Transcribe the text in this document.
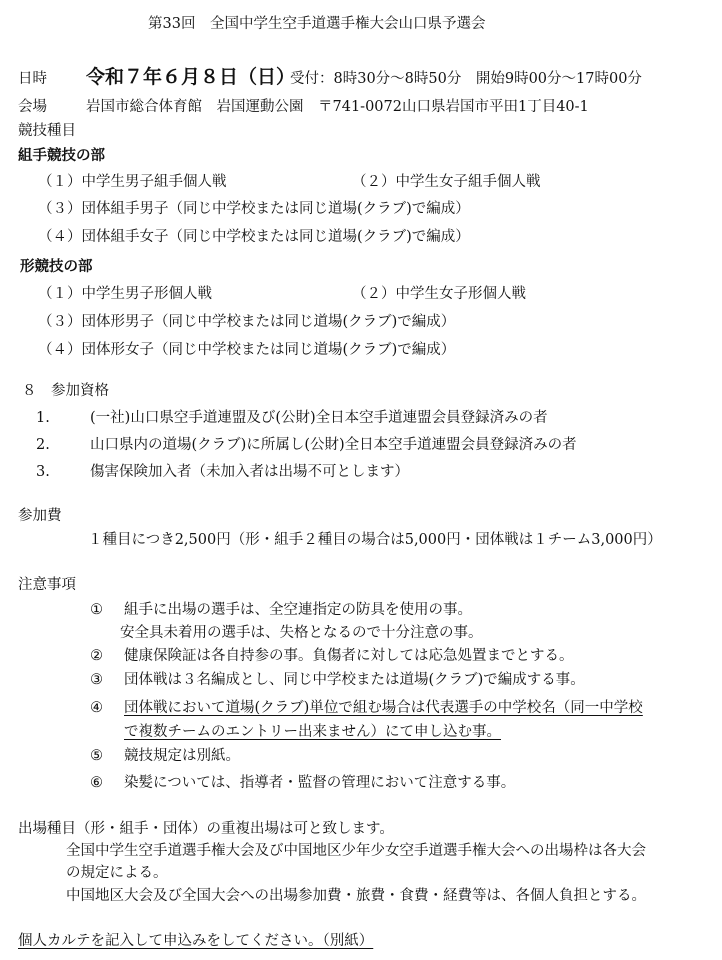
第33回　全国中学生空手道選手権大会山口県予選会
日時 令和７年６月８日（日）
受付：8時30分～8時50分　開始9時00分～17時00分
会場	岩国市総合体育館　岩国運動公園　〒741-0072山口県岩国市平田1丁目40-1
競技種目
組手競技の部
（１）中学生男子組手個人戦	（２）中学生女子組手個人戦
（３）団体組手男子（同じ中学校または同じ道場(クラブ)で編成）
（４）団体組手女子（同じ中学校または同じ道場(クラブ)で編成）
形競技の部
（１）中学生男子形個人戦	（２）中学生女子形個人戦
（３）団体形男子（同じ中学校または同じ道場(クラブ)で編成）
（４）団体形女子（同じ中学校または同じ道場(クラブ)で編成）
８　参加資格
1.	(一社)山口県空手道連盟及び(公財)全日本空手道連盟会員登録済みの者
2.	山口県内の道場(クラブ)に所属し(公財)全日本空手道連盟会員登録済みの者
3.	傷害保険加入者（未加入者は出場不可とします）
参加費
１種目につき2,500円（形・組手２種目の場合は5,000円・団体戦は１チーム3,000円）
注意事項
① 組手に出場の選手は、全空連指定の防具を使用の事。
安全具未着用の選手は、失格となるので十分注意の事。
② 健康保険証は各自持参の事。負傷者に対しては応急処置までとする。
③ 団体戦は３名編成とし、同じ中学校または道場(クラブ)で編成する事。
④ 団体戦において道場(クラブ)単位で組む場合は代表選手の中学校名（同一中学校
で複数チームのエントリー出来ません）にて申し込む事。
⑤ 競技規定は別紙。
⑥ 染髪については、指導者・監督の管理において注意する事。
出場種目（形・組手・団体）の重複出場は可と致します。
全国中学生空手道選手権大会及び中国地区少年少女空手道選手権大会への出場枠は各大会
の規定による。
中国地区大会及び全国大会への出場参加費・旅費・食費・経費等は、各個人負担とする。
個人カルテを記入して申込みをしてください。（別紙）
